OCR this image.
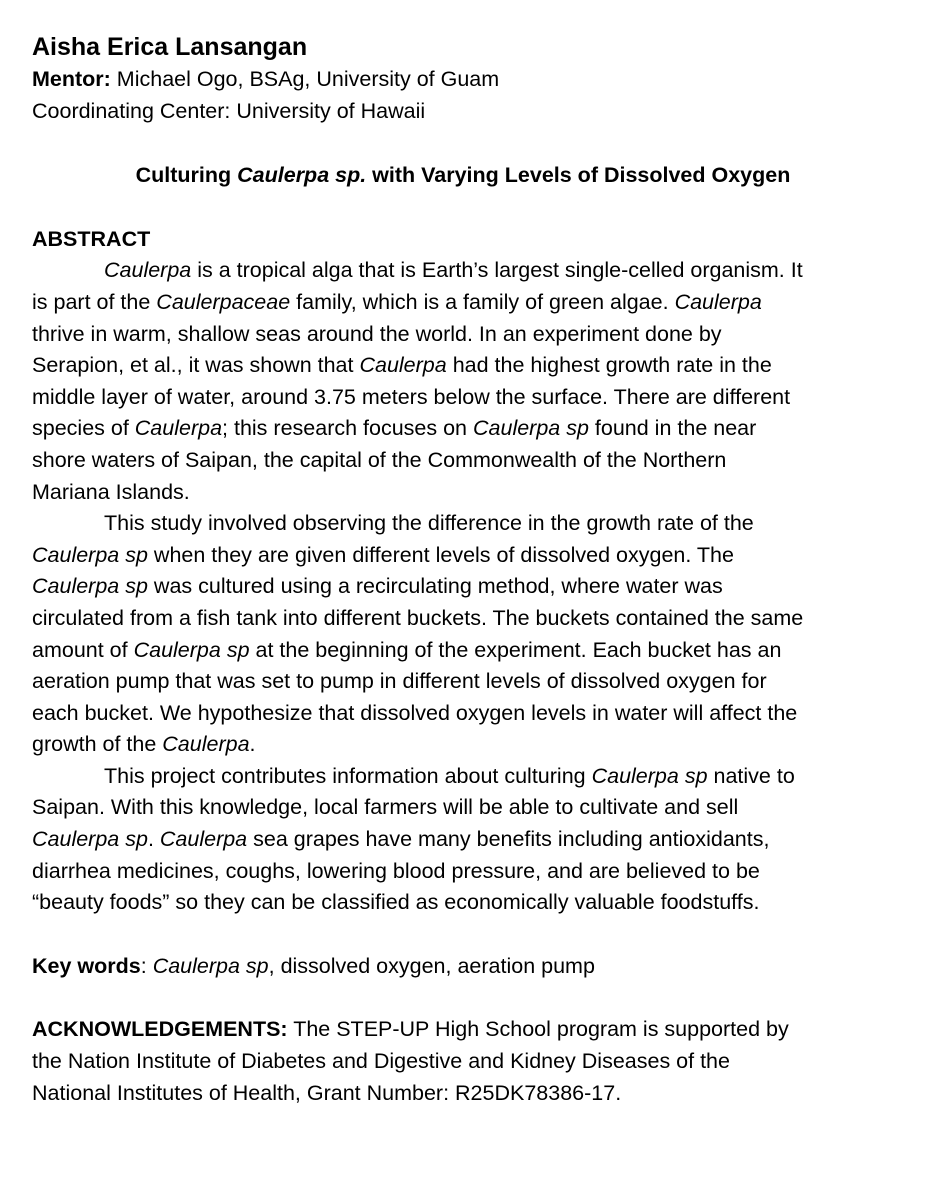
Aisha Erica Lansangan
Mentor: Michael Ogo, BSAg, University of Guam
Coordinating Center: University of Hawaii
Culturing Caulerpa sp. with Varying Levels of Dissolved Oxygen
ABSTRACT
Caulerpa is a tropical alga that is Earth’s largest single-celled organism. It
is part of the Caulerpaceae family, which is a family of green algae. Caulerpa
thrive in warm, shallow seas around the world. In an experiment done by
Serapion, et al., it was shown that Caulerpa had the highest growth rate in the
middle layer of water, around 3.75 meters below the surface. There are different
species of Caulerpa; this research focuses on Caulerpa sp found in the near
shore waters of Saipan, the capital of the Commonwealth of the Northern
Mariana Islands.
This study involved observing the difference in the growth rate of the
Caulerpa sp when they are given different levels of dissolved oxygen. The
Caulerpa sp was cultured using a recirculating method, where water was
circulated from a fish tank into different buckets. The buckets contained the same
amount of Caulerpa sp at the beginning of the experiment. Each bucket has an
aeration pump that was set to pump in different levels of dissolved oxygen for
each bucket. We hypothesize that dissolved oxygen levels in water will affect the
growth of the Caulerpa.
This project contributes information about culturing Caulerpa sp native to
Saipan. With this knowledge, local farmers will be able to cultivate and sell
Caulerpa sp. Caulerpa sea grapes have many benefits including antioxidants,
diarrhea medicines, coughs, lowering blood pressure, and are believed to be
“beauty foods” so they can be classified as economically valuable foodstuffs.
Key words: Caulerpa sp, dissolved oxygen, aeration pump
ACKNOWLEDGEMENTS: The STEP-UP High School program is supported by
the Nation Institute of Diabetes and Digestive and Kidney Diseases of the
National Institutes of Health, Grant Number: R25DK78386-17.
